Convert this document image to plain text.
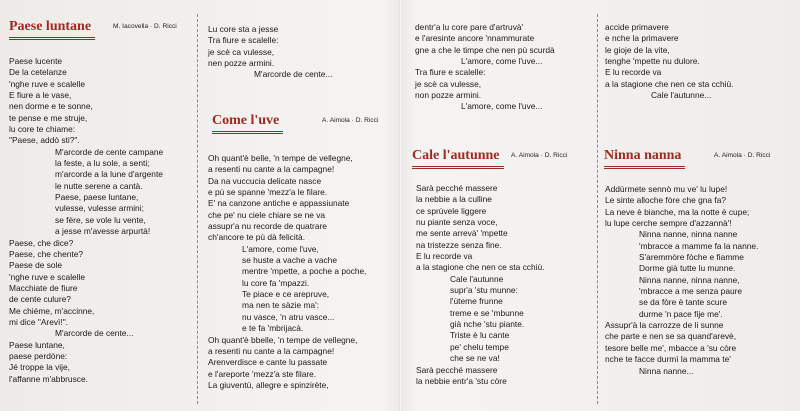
Paese luntane	M. Iacovella · D. Ricci
Paese lucente
De la cetelanze
'nghe ruve e scalelle
E fiure a le vase,
nen dorme e te sonne,
te pense e me struje,
lu core te chiame:
"Paese, addò sti?".
M'arcorde de cente campane
la feste, a lu sole, a senti;
m'arcorde a la lune d'argente
le nutte serene a cantà.
Paese, paese luntane,
vulesse, vulesse armini;
se fère, se vole lu vente,
a jesse m'avesse arpurtà!
Paese, che dice?
Paese, che chente?
Paese de sole
'nghe ruve e scalelle
Macchiate de fiure
de cente culure?
Me chiéme, m'accinne,
mi dice "Arevì!".
M'arcorde de cente...
Paese luntane,
paese perdòne:
Jé troppe la vije,
l'affanne m'abbrusce.
Lu core sta a jesse
Tra fiure e scalelle:
je scè ca vulesse,
nen pozze armini.
M'arcorde de cente...
Come l'uve	A. Aimola · D. Ricci
Oh quant'è belle, 'n tempe de vellegne,
a resenti nu cante a la campagne!
Da na vuccucia delicate nasce
e pù se spanne 'mezz'a le filare.
E' na canzone antiche e appassiunate
che pe' nu ciele chiare se ne va
assupr'a nu recorde de quatrare
ch'ancore te pù dà felicità.
L'amore, come l'uve,
se huste a vache a vache
mentre 'mpette, a poche a poche,
lu core fa 'mpazzi.
Te piace e ce arepruve,
ma nen te sàzie ma':
nu vasce, 'n atru vasce...
e te fa 'mbrijacà.
Oh quant'è bbelle, 'n tempe de vellegne,
a resenti nu cante a la campagne!
Arenverdisce e cante lu passate
e l'areporte 'mezz'a ste filare.
La giuventù, allegre e spinzirète,
dentr'a lu core pare d'artruvà'
e l'aresinte ancore 'nnammurate
gne a che le timpe che nen pù scurdà
L'amore, come l'uve...
Tra fiure e scalelle:
je scè ca vulesse,
non pozze armini.
L'amore, come l'uve...
Cale l'autunne A. Aimola · D. Ricci
Sarà pecché massere
la nebbie a la culline
ce sprùvele liggere
nu piante senza voce,
me sente arrevà' 'mpette
na tristezze senza fine.
E lu recorde va
a la stagione che nen ce sta cchiù.
Cale l'autunne
supr'a 'stu munne:
l'ùteme frunne
treme e se 'mbunne
già nche 'stu piante.
Triste è lu cante
pe' chelu tempe
che se ne va!
Sarà pecché massere
la nebbie entr'a 'stu còre
accide primavere
e nche la primavere
le gioje de la vite,
tenghe 'mpette nu dulore.
E lu recorde va
a la stagione che nen ce sta cchiù.
Cale l'autunne...
Ninna nanna	A. Aimola · D. Ricci
Addùrmete sennò mu ve' lu lupe!
Le sinte alloche fòre che gna fa?
La neve è bianche, ma la notte è cupe;
lu lupe cerche sempre d'azzannà'!
Ninna nanne, ninna nanne
'mbracce a mamme fa la nanne.
S'aremmòre fòche e fiamme
Dorme già tutte lu munne.
Ninna nanne, ninna nanne,
'mbracce a me senza paure
se da fòre è tante scure
durme 'n pace fije me'.
Assupr'à la carrozze de li sunne
che parte e nen se sa quand'arevè,
tesore belle me', mbacce a 'su còre
nche te facce durmì la mamma te'
Ninna nanne...
